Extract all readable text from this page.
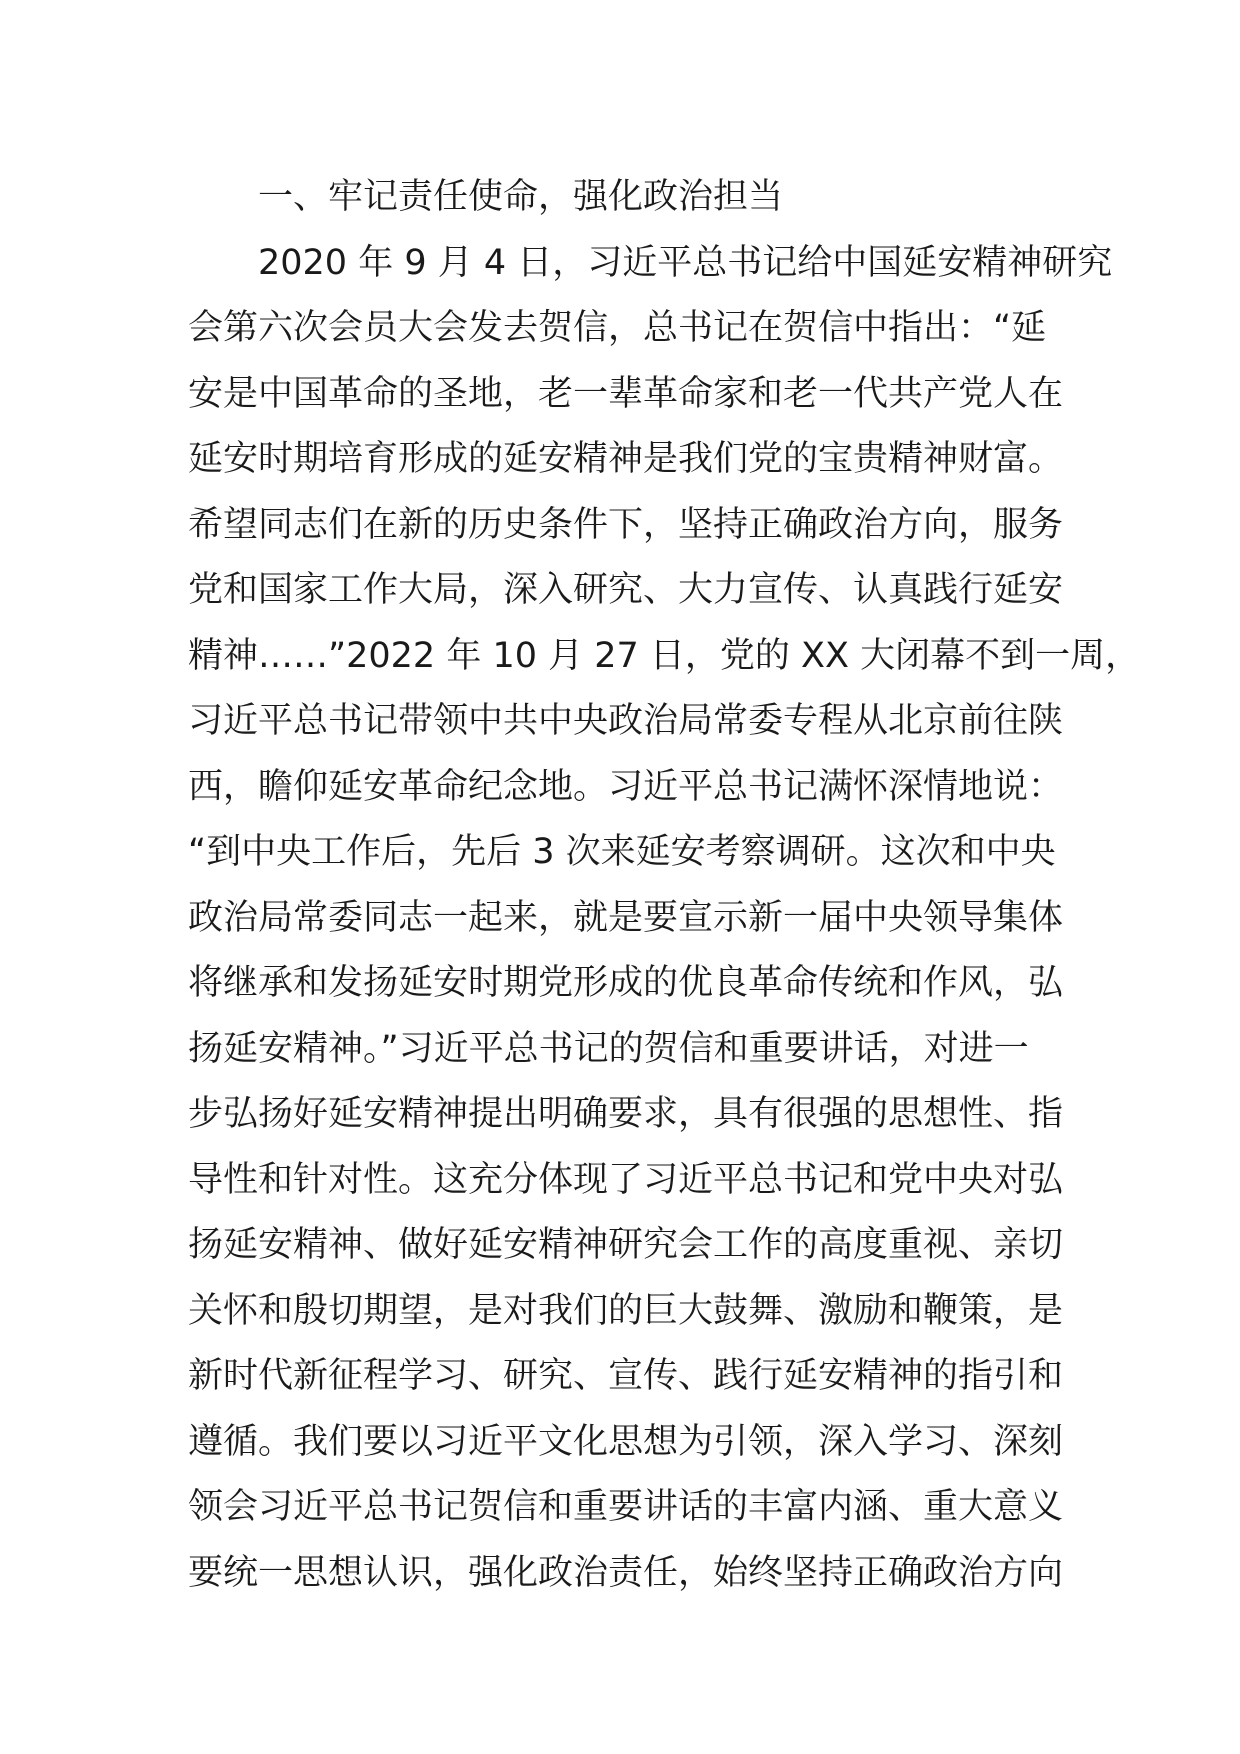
一、牢记责任使命，强化政治担当
2020 年 9 月 4 日，习近平总书记给中国延安精神研究
会第六次会员大会发去贺信，总书记在贺信中指出：“延
安是中国革命的圣地，老一辈革命家和老一代共产党人在
延安时期培育形成的延安精神是我们党的宝贵精神财富。
希望同志们在新的历史条件下，坚持正确政治方向，服务
党和国家工作大局，深入研究、大力宣传、认真践行延安
精神……”2022 年 10 月 27 日，党的 XX 大闭幕不到一周，
习近平总书记带领中共中央政治局常委专程从北京前往陕
西，瞻仰延安革命纪念地。习近平总书记满怀深情地说：
“到中央工作后，先后 3 次来延安考察调研。这次和中央
政治局常委同志一起来，就是要宣示新一届中央领导集体
将继承和发扬延安时期党形成的优良革命传统和作风，弘
扬延安精神。”习近平总书记的贺信和重要讲话，对进一
步弘扬好延安精神提出明确要求，具有很强的思想性、指
导性和针对性。这充分体现了习近平总书记和党中央对弘
扬延安精神、做好延安精神研究会工作的高度重视、亲切
关怀和殷切期望，是对我们的巨大鼓舞、激励和鞭策，是
新时代新征程学习、研究、宣传、践行延安精神的指引和
遵循。我们要以习近平文化思想为引领，深入学习、深刻
领会习近平总书记贺信和重要讲话的丰富内涵、重大意义
要统一思想认识，强化政治责任，始终坚持正确政治方向
